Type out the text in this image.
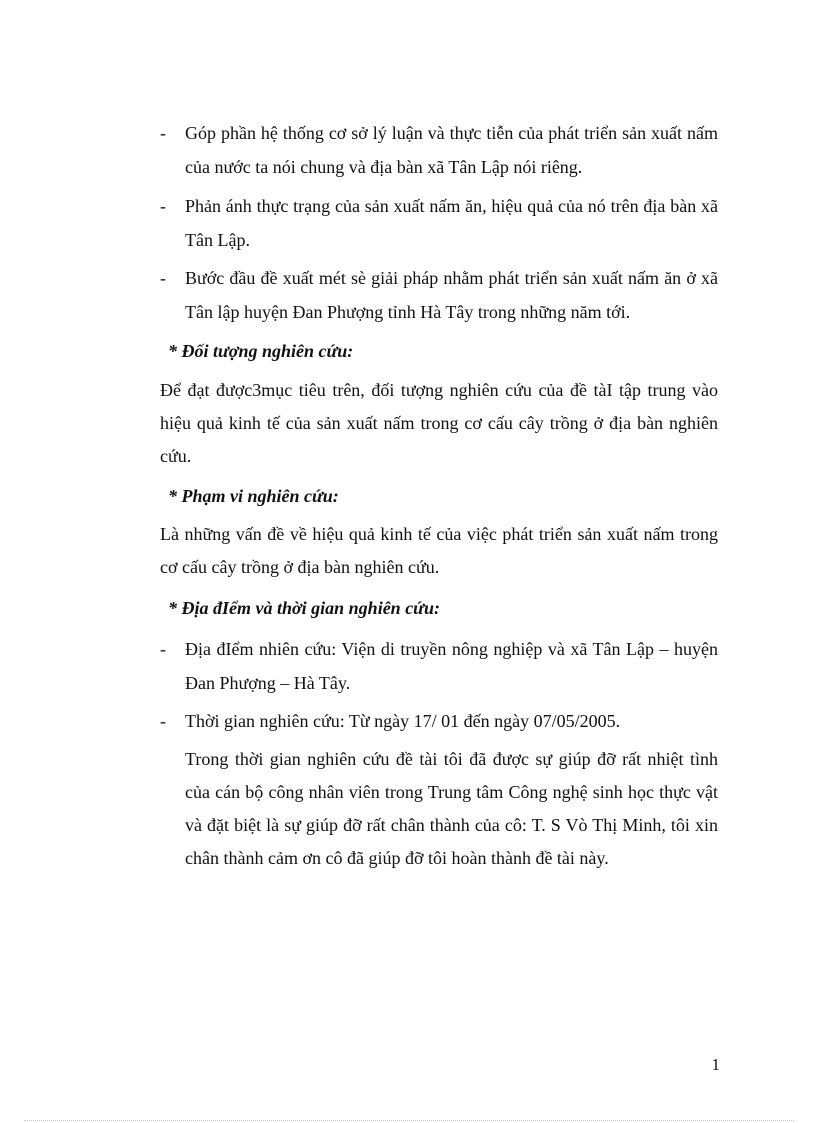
- Góp phần hệ thống cơ sở lý luận và thực tiễn của phát triển sản xuất nấm của nước ta nói chung và địa bàn xã Tân Lập nói riêng.
- Phản ánh thực trạng của sản xuất nấm ăn, hiệu quả của nó trên địa bàn xã Tân Lập.
- Bước đầu đề xuất mét sè giải pháp nhằm phát triển sản xuất nấm ăn ở xã Tân lập huyện Đan Phượng tỉnh Hà Tây trong những năm tới.
* Đối tượng nghiên cứu:
Để đạt được3mục tiêu trên, đối tượng nghiên cứu của đề tàI tập trung vào hiệu quả kinh tế của sản xuất nấm trong cơ cấu cây trồng ở địa bàn nghiên cứu.
* Phạm vi nghiên cứu:
Là những vấn đề về hiệu quả kinh tế của việc phát triển sản xuất nấm trong cơ cấu cây trồng ở địa bàn nghiên cứu.
* Địa đIểm và thời gian nghiên cứu:
- Địa đIểm nhiên cứu: Viện di truyền nông nghiệp và xã Tân Lập – huyện Đan Phượng – Hà Tây.
- Thời gian nghiên cứu: Từ ngày 17/ 01 đến ngày 07/05/2005.
Trong thời gian nghiên cứu đề tài tôi đã được sự giúp đỡ rất nhiệt tình của cán bộ công nhân viên trong Trung tâm Công nghệ sinh học thực vật và đặt biệt là sự giúp đỡ rất chân thành của cô: T. S Vò Thị Minh, tôi xin chân thành cảm ơn cô đã giúp đỡ tôi hoàn thành đề tài này.
1
